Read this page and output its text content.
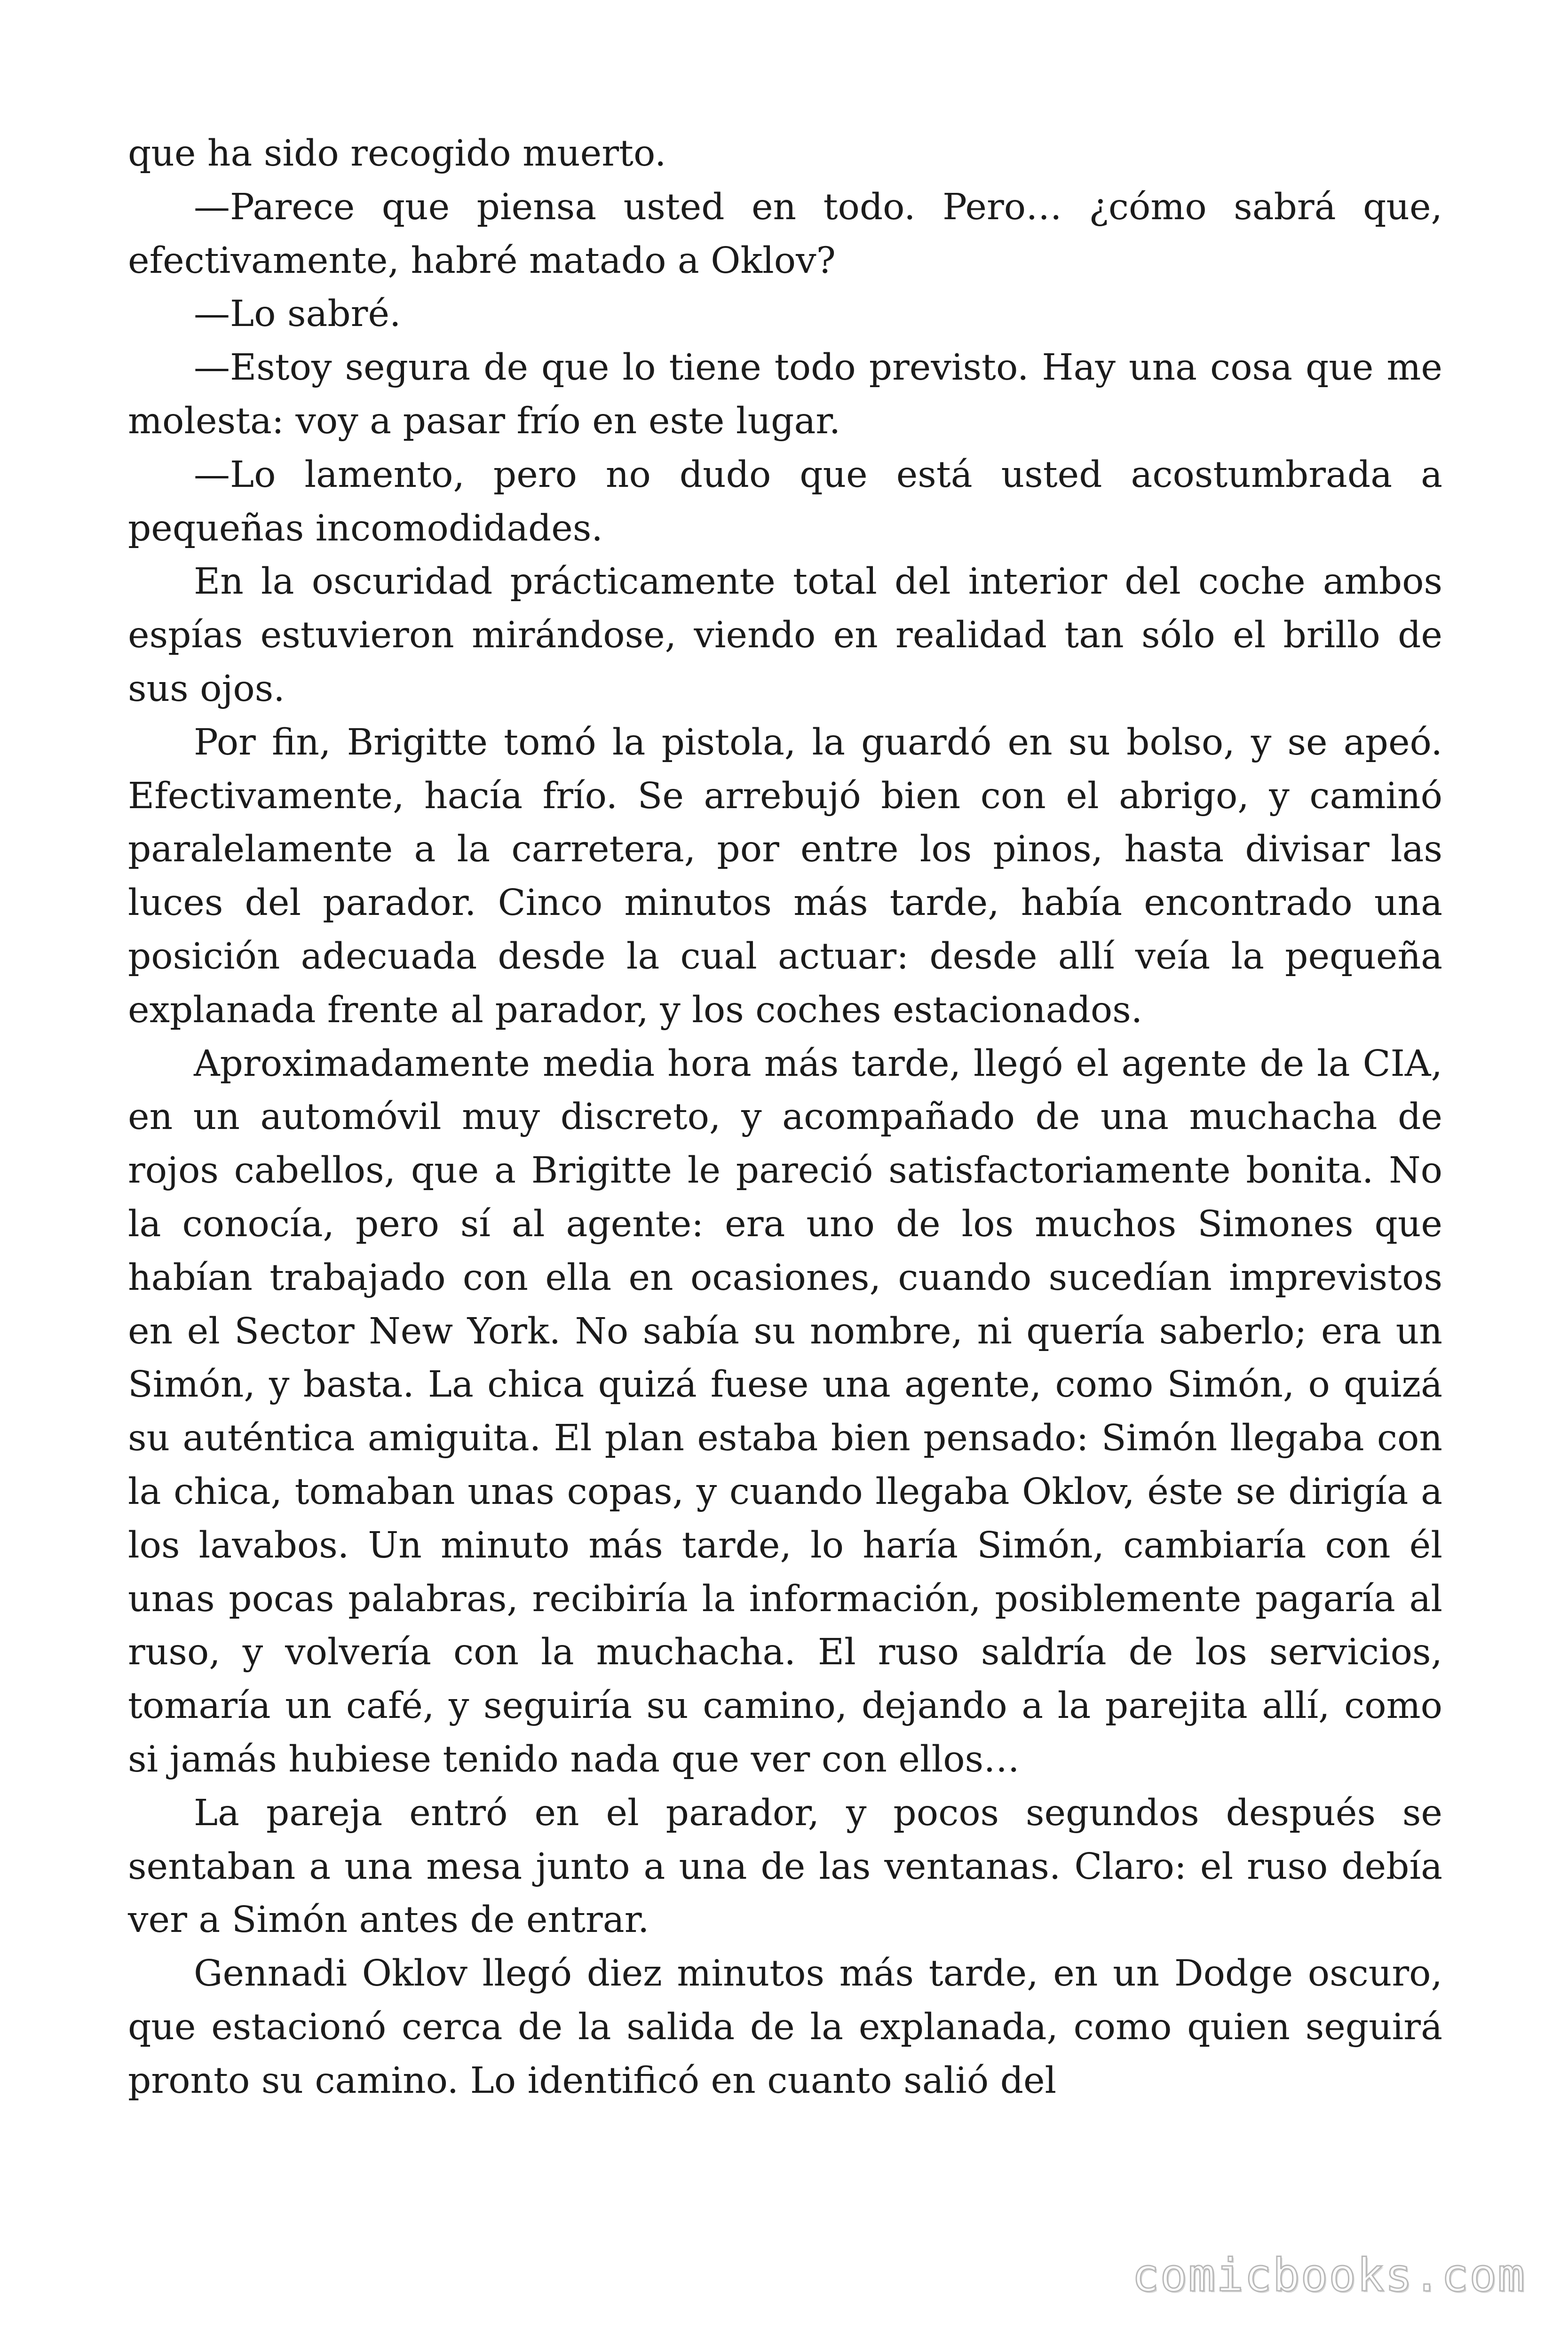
que ha sido recogido muerto.

—Parece que piensa usted en todo. Pero… ¿cómo sabrá que, efectivamente, habré matado a Oklov?

—Lo sabré.

—Estoy segura de que lo tiene todo previsto. Hay una cosa que me molesta: voy a pasar frío en este lugar.

—Lo lamento, pero no dudo que está usted acostumbrada a pequeñas incomodidades.

En la oscuridad prácticamente total del interior del coche ambos espías estuvieron mirándose, viendo en realidad tan sólo el brillo de sus ojos.

Por fin, Brigitte tomó la pistola, la guardó en su bolso, y se apeó. Efectivamente, hacía frío. Se arrebujó bien con el abrigo, y caminó paralelamente a la carretera, por entre los pinos, hasta divisar las luces del parador. Cinco minutos más tarde, había encontrado una posición adecuada desde la cual actuar: desde allí veía la pequeña explanada frente al parador, y los coches estacionados.

Aproximadamente media hora más tarde, llegó el agente de la CIA, en un automóvil muy discreto, y acompañado de una muchacha de rojos cabellos, que a Brigitte le pareció satisfactoriamente bonita. No la conocía, pero sí al agente: era uno de los muchos Simones que habían trabajado con ella en ocasiones, cuando sucedían imprevistos en el Sector New York. No sabía su nombre, ni quería saberlo; era un Simón, y basta. La chica quizá fuese una agente, como Simón, o quizá su auténtica amiguita. El plan estaba bien pensado: Simón llegaba con la chica, tomaban unas copas, y cuando llegaba Oklov, éste se dirigía a los lavabos. Un minuto más tarde, lo haría Simón, cambiaría con él unas pocas palabras, recibiría la información, posiblemente pagaría al ruso, y volvería con la muchacha. El ruso saldría de los servicios, tomaría un café, y seguiría su camino, dejando a la parejita allí, como si jamás hubiese tenido nada que ver con ellos…

La pareja entró en el parador, y pocos segundos después se sentaban a una mesa junto a una de las ventanas. Claro: el ruso debía ver a Simón antes de entrar.

Gennadi Oklov llegó diez minutos más tarde, en un Dodge oscuro, que estacionó cerca de la salida de la explanada, como quien seguirá pronto su camino. Lo identificó en cuanto salió del

comicbooks.com
